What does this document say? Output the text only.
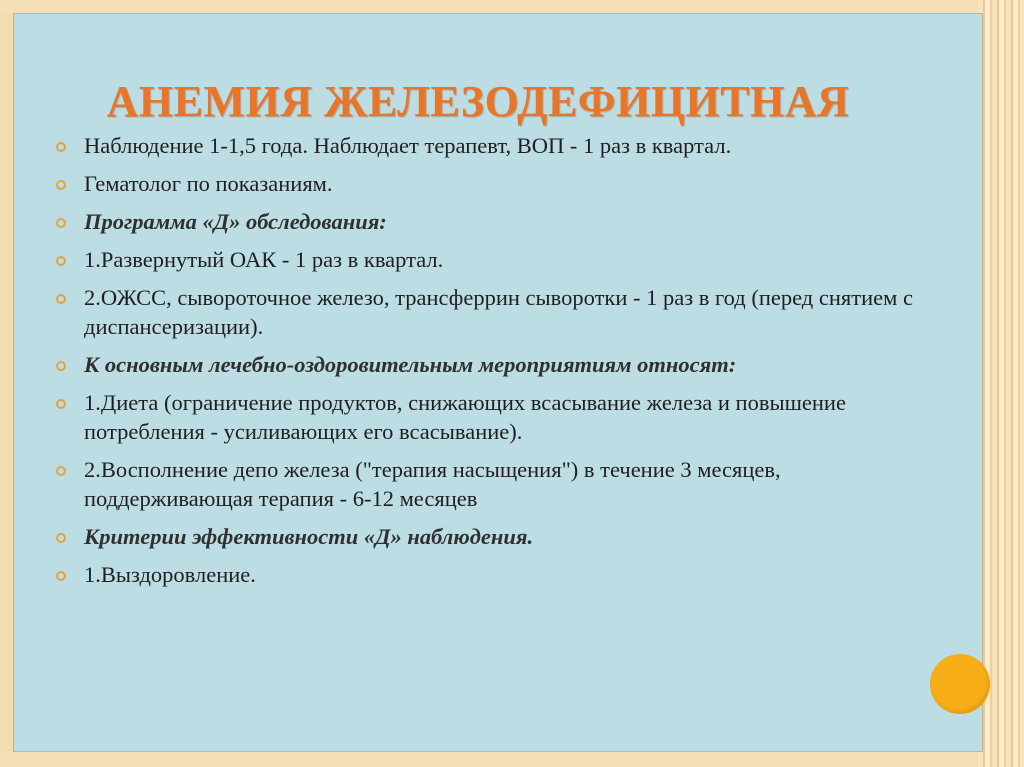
АНЕМИЯ ЖЕЛЕЗОДЕФИЦИТНАЯ
Наблюдение 1-1,5 года. Наблюдает терапевт, ВОП - 1 раз в квартал.
Гематолог по показаниям.
Программа «Д» обследования:
1.Развернутый ОАК - 1 раз в квартал.
2.ОЖСС, сывороточное железо, трансферрин сыворотки - 1 раз в год (перед снятием с диспансеризации).
К основным лечебно-оздоровительным мероприятиям относят:
1.Диета (ограничение продуктов, снижающих всасывание железа и повышение потребления - усиливающих его всасывание).
2.Восполнение депо железа ("терапия насыщения") в течение 3 месяцев, поддерживающая терапия - 6-12 месяцев
Критерии эффективности «Д» наблюдения.
1.Выздоровление.
